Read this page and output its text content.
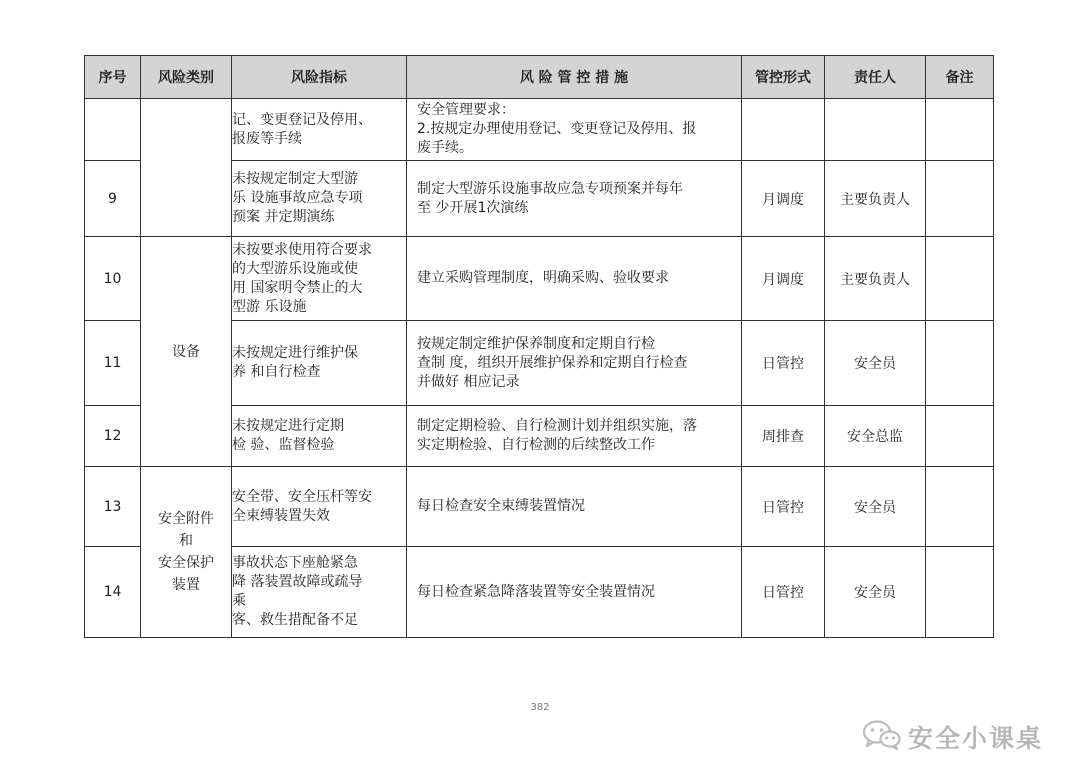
序号	风险类别	风险指标	风 险 管 控 措 施	管控形式	责任人	备注
		记、变更登记及停用、
报废等手续	安全管理要求：
2.按规定办理使用登记、变更登记及停用、报
废手续。			
9		未按规定制定大型游
乐 设施事故应急专项
预案 并定期演练	制定大型游乐设施事故应急专项预案并每年
至 少开展1次演练	月调度	主要负责人	
10	设备	未按要求使用符合要求
的大型游乐设施或使
用 国家明令禁止的大
型游 乐设施	建立采购管理制度，明确采购、验收要求	月调度	主要负责人	
11		未按规定进行维护保
养 和自行检查	按规定制定维护保养制度和定期自行检
查制 度，组织开展维护保养和定期自行检查
并做好 相应记录	日管控	安全员	
12		未按规定进行定期
检 验、监督检验	制定定期检验、自行检测计划并组织实施，落
实定期检验、自行检测的后续整改工作	周排查	安全总监	
13	安全附件
和
安全保护
装置	安全带、安全压杆等安
全束缚装置失效	每日检查安全束缚装置情况	日管控	安全员	
14		事故状态下座舱紧急
降 落装置故障或疏导
乘
客、救生措配备不足	每日检查紧急降落装置等安全装置情况	日管控	安全员	
382
安全小课桌
